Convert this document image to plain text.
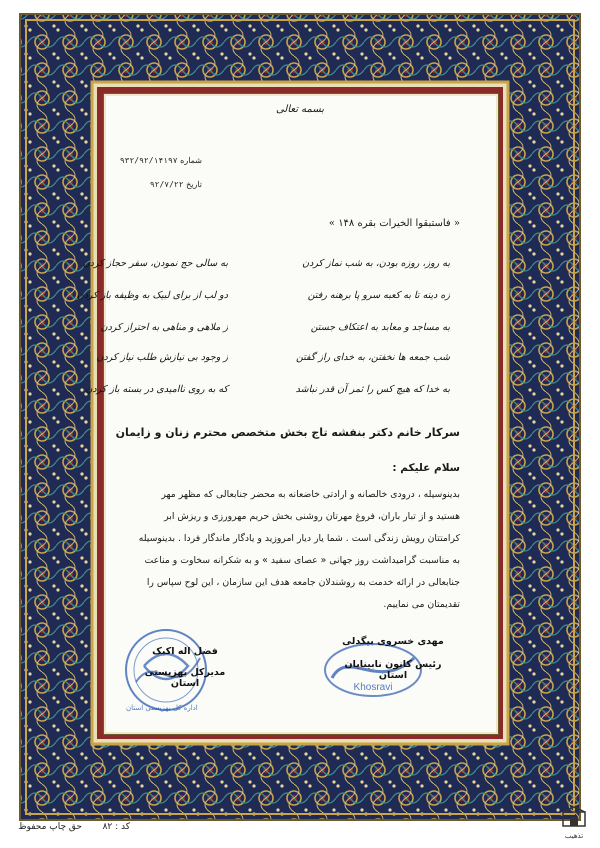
بسمه تعالی
شماره ۹۳۲/۹۲/۱۴۱۹۷
تاریخ ۹۲/۷/۲۲
« فاستبقوا الخیرات بقره ۱۴۸ »
به روز، روزه بودن، به شب نماز کردن
زه دینه تا به کعبه سرو پا برهنه رفتن
به مساجد و معابد به اعتکاف جستن
شب جمعه ها نخفتن، به خدای راز گفتن
به خدا که هیچ کس را ثمر آن قدر نباشد
به سالی حج نمودن، سفر حجاز کردن
دو لب از برای لبیک به وظیفه باز کردن
ز ملاهی و مناهی به احتراز کردن
ز وجود بی نیازش طلب نیاز کردن
که به روی ناامیدی در بسته باز کردن
سرکار خانم دکتر بنفشه تاج بخش متخصص محترم زنان و زایمان
سلام علیکم :
بدینوسیله ، درودی خالصانه و ارادتی خاضعانه به محضر جنابعالی که مظهر مهر
هستید و از تبار باران، فروغ مهرتان روشنی بخش حریم مهرورزی و ریزش ابر
کرامتتان رویش زندگی است . شما یار دیار امروزید و یادگار ماندگار فردا . بدینوسیله
به مناسبت گرامیداشت روز جهانی « عصای سفید » و به شکرانه سخاوت و مناعت
جنابعالی در ارائه خدمت به روشندلان جامعه هدف این سازمان ، این لوح سپاس را
تقدیمتان می نماییم.
Khosravi
اداره کل بهزیستی استان
مهدی خسروی بیگدلی
رئیس کانون نابینایان استان
فضل اله اکبک
مدیرکل بهزیستی استان
کد : ۸۲
حق چاپ محفوظ
تذهیب
